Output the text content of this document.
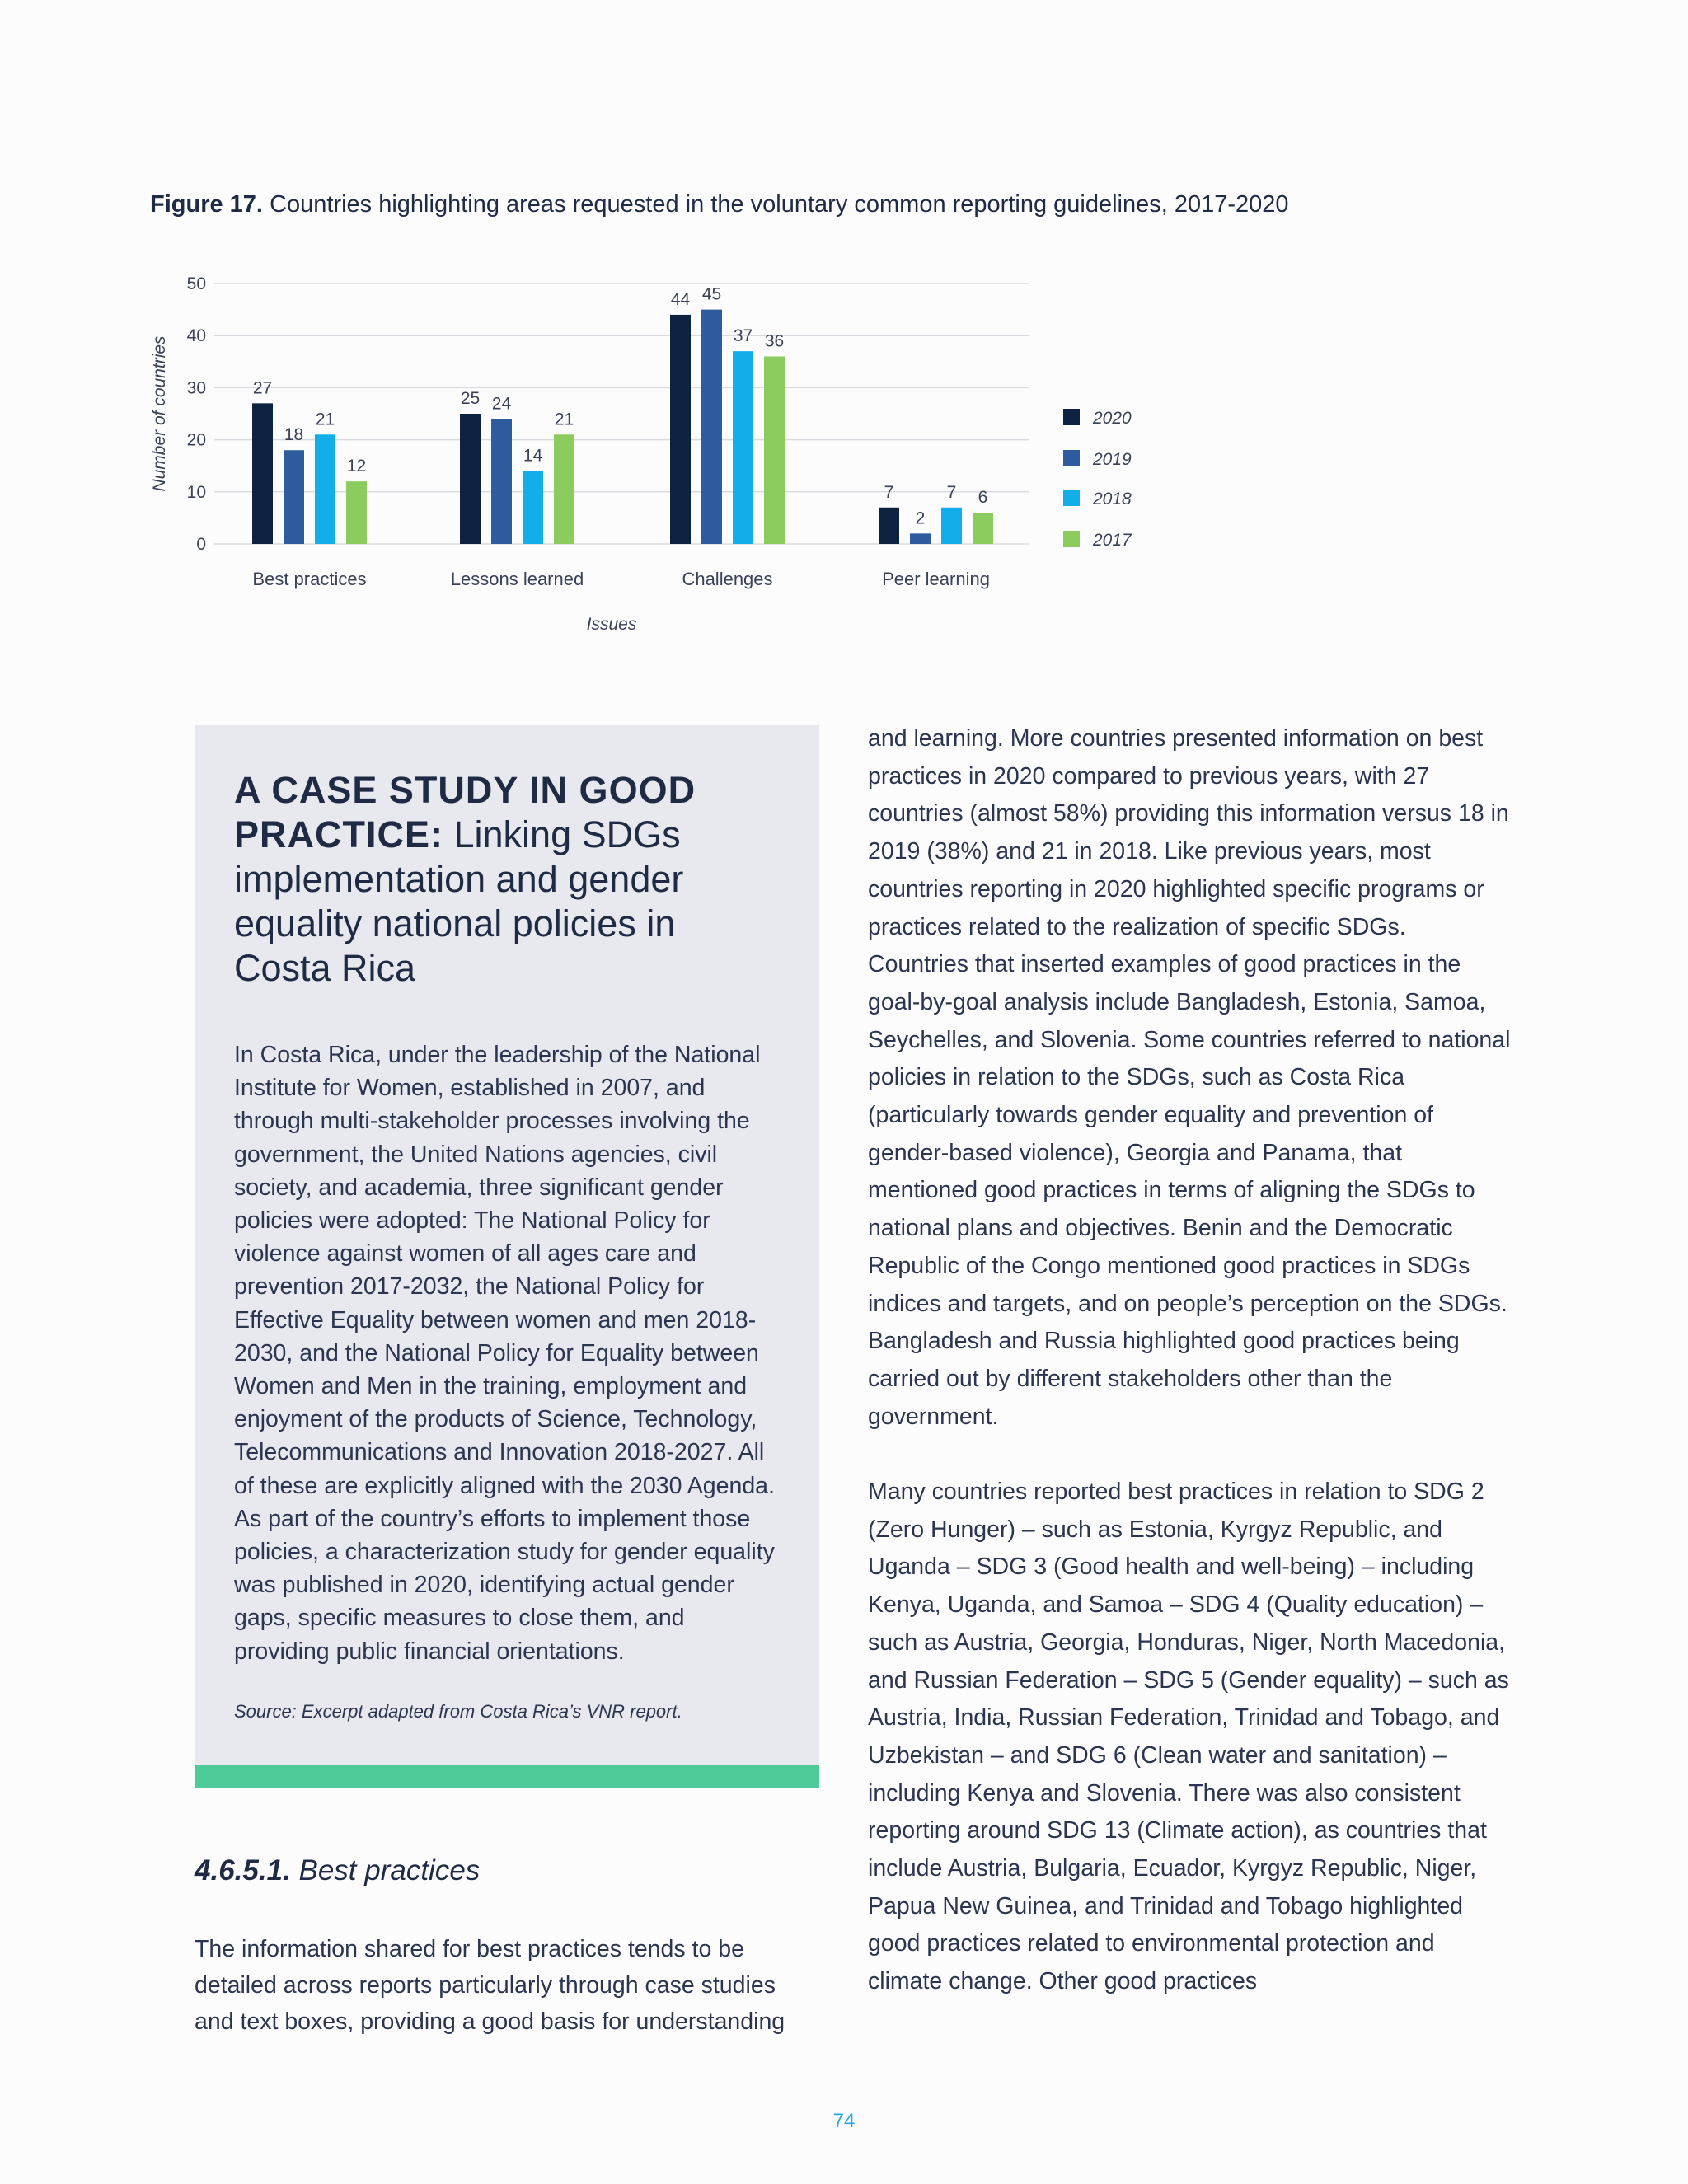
Figure 17. Countries highlighting areas requested in the voluntary common reporting guidelines, 2017-2020
0
10
20
30
40
50
Number of countries	27
18
21
12
Best practices
25 24
14
21
Lessons learned
44 45
37 36
Challenges
7
2
7 6
Peer learning
Issues
2020
2019
2018
2017
A CASE STUDY IN GOOD PRACTICE: Linking SDGs implementation and gender equality national policies in Costa Rica
In Costa Rica, under the leadership of the National Institute for Women, established in 2007, and through multi-stakeholder processes involving the government, the United Nations agencies, civil society, and academia, three significant gender policies were adopted: The National Policy for violence against women of all ages care and prevention 2017-2032, the National Policy for Effective Equality between women and men 2018-2030, and the National Policy for Equality between Women and Men in the training, employment and enjoyment of the products of Science, Technology, Telecommunications and Innovation 2018-2027. All of these are explicitly aligned with the 2030 Agenda. As part of the country’s efforts to implement those policies, a characterization study for gender equality was published in 2020, identifying actual gender gaps, specific measures to close them, and providing public financial orientations.
Source: Excerpt adapted from Costa Rica’s VNR report.
4.6.5.1. Best practices
The information shared for best practices tends to be detailed across reports particularly through case studies and text boxes, providing a good basis for understanding

and learning. More countries presented information on best practices in 2020 compared to previous years, with 27 countries (almost 58%) providing this information versus 18 in 2019 (38%) and 21 in 2018. Like previous years, most countries reporting in 2020 highlighted specific programs or practices related to the realization of specific SDGs. Countries that inserted examples of good practices in the goal-by-goal analysis include Bangladesh, Estonia, Samoa, Seychelles, and Slovenia. Some countries referred to national policies in relation to the SDGs, such as Costa Rica (particularly towards gender equality and prevention of gender-based violence), Georgia and Panama, that mentioned good practices in terms of aligning the SDGs to national plans and objectives. Benin and the Democratic Republic of the Congo mentioned good practices in SDGs indices and targets, and on people’s perception on the SDGs. Bangladesh and Russia highlighted good practices being carried out by different stakeholders other than the government.

Many countries reported best practices in relation to SDG 2 (Zero Hunger) – such as Estonia, Kyrgyz Republic, and Uganda – SDG 3 (Good health and well-being) – including Kenya, Uganda, and Samoa – SDG 4 (Quality education) – such as Austria, Georgia, Honduras, Niger, North Macedonia, and Russian Federation – SDG 5 (Gender equality) – such as Austria, India, Russian Federation, Trinidad and Tobago, and Uzbekistan – and SDG 6 (Clean water and sanitation) – including Kenya and Slovenia. There was also consistent reporting around SDG 13 (Climate action), as countries that include Austria, Bulgaria, Ecuador, Kyrgyz Republic, Niger, Papua New Guinea, and Trinidad and Tobago highlighted good practices related to environmental protection and climate change. Other good practices

74
